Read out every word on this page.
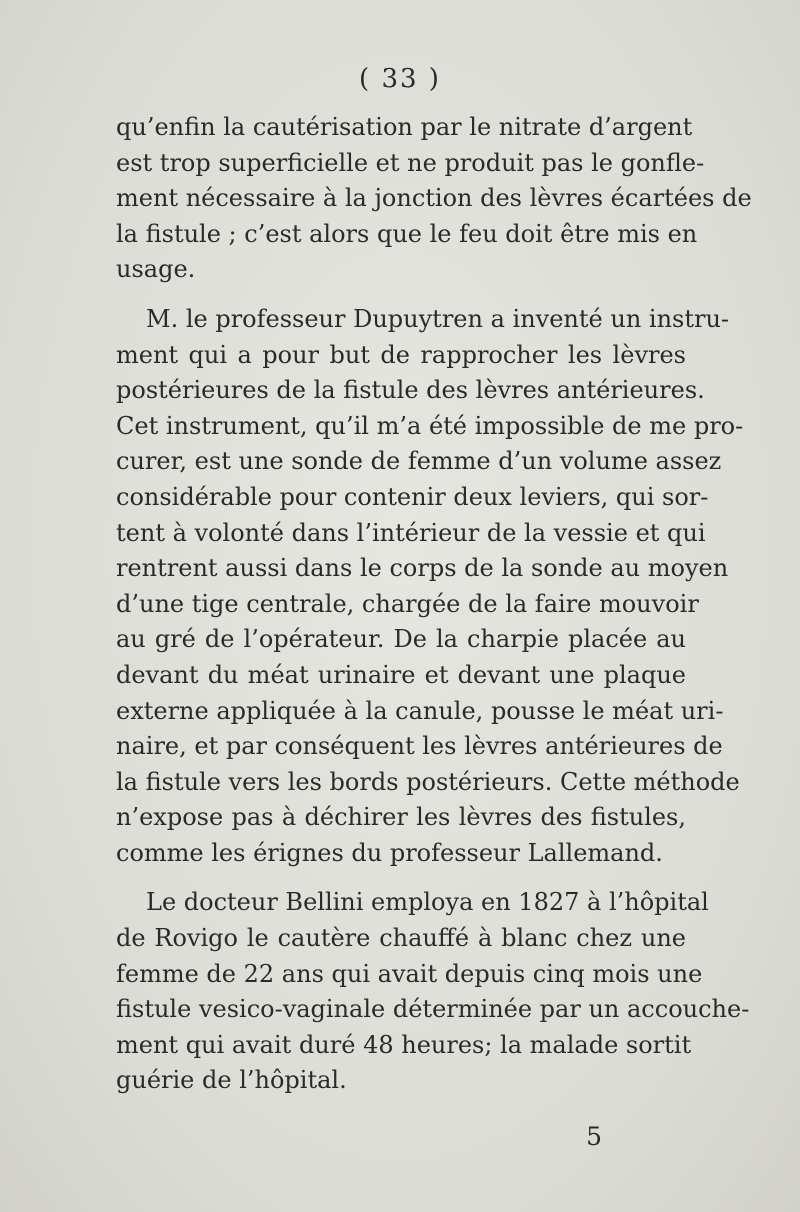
( 33 )
qu’enfin la cautérisation par le nitrate d’argent
est trop superficielle et ne produit pas le gonfle-
ment nécessaire à la jonction des lèvres écartées de
la fistule ; c’est alors que le feu doit être mis en
usage.
M. le professeur Dupuytren a inventé un instru-
ment qui a pour but de rapprocher les lèvres
postérieures de la fistule des lèvres antérieures.
Cet instrument, qu’il m’a été impossible de me pro-
curer, est une sonde de femme d’un volume assez
considérable pour contenir deux leviers, qui sor-
tent à volonté dans l’intérieur de la vessie et qui
rentrent aussi dans le corps de la sonde au moyen
d’une tige centrale, chargée de la faire mouvoir
au gré de l’opérateur. De la charpie placée au
devant du méat urinaire et devant une plaque
externe appliquée à la canule, pousse le méat uri-
naire, et par conséquent les lèvres antérieures de
la fistule vers les bords postérieurs. Cette méthode
n’expose pas à déchirer les lèvres des fistules,
comme les érignes du professeur Lallemand.
Le docteur Bellini employa en 1827 à l’hôpital
de Rovigo le cautère chauffé à blanc chez une
femme de 22 ans qui avait depuis cinq mois une
fistule vesico-vaginale déterminée par un accouche-
ment qui avait duré 48 heures; la malade sortit
guérie de l’hôpital.
5
